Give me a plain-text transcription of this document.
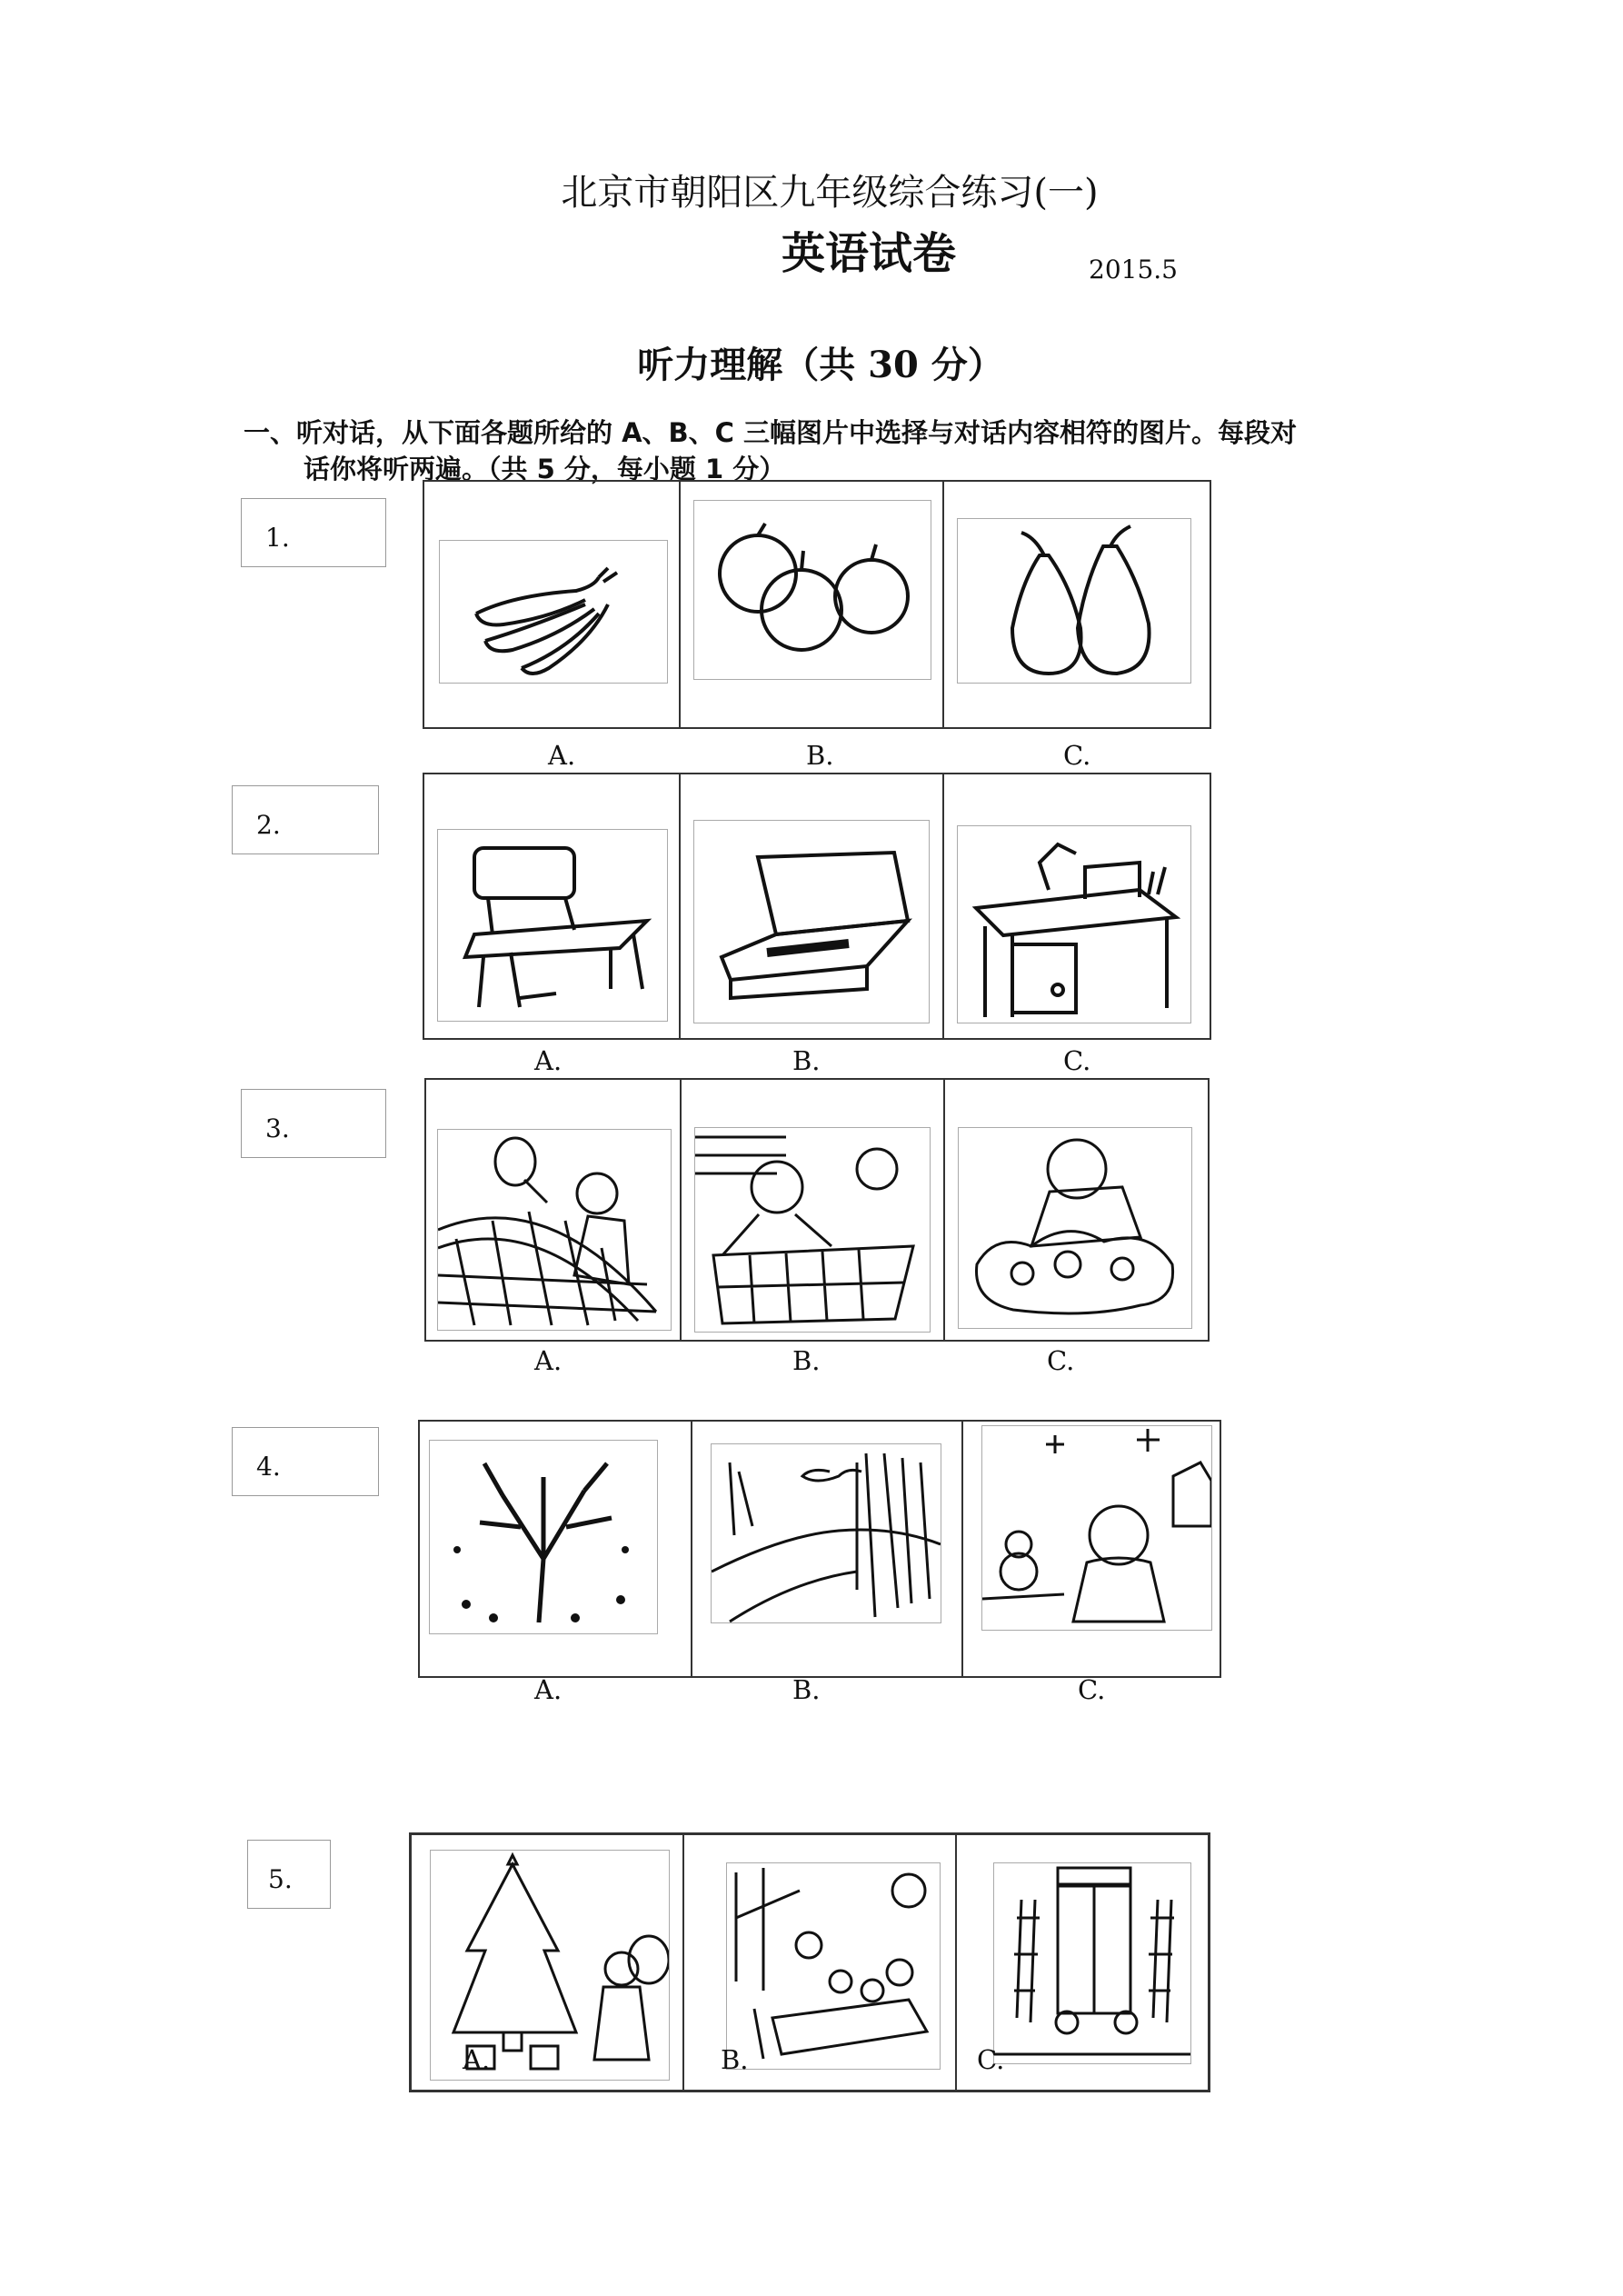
北京市朝阳区九年级综合练习(一)
英语试卷	2015.5
听力理解（共 30 分）
一、听对话，从下面各题所给的 A、B、C 三幅图片中选择与对话内容相符的图片。每段对
话你将听两遍。（共 5 分，每小题 1 分）
1.
A.	B.	C.
2.
A.	B.	C.
3.
A.	B.	C.
4.
A.	B.	C.
5.
A.	B.	C.
